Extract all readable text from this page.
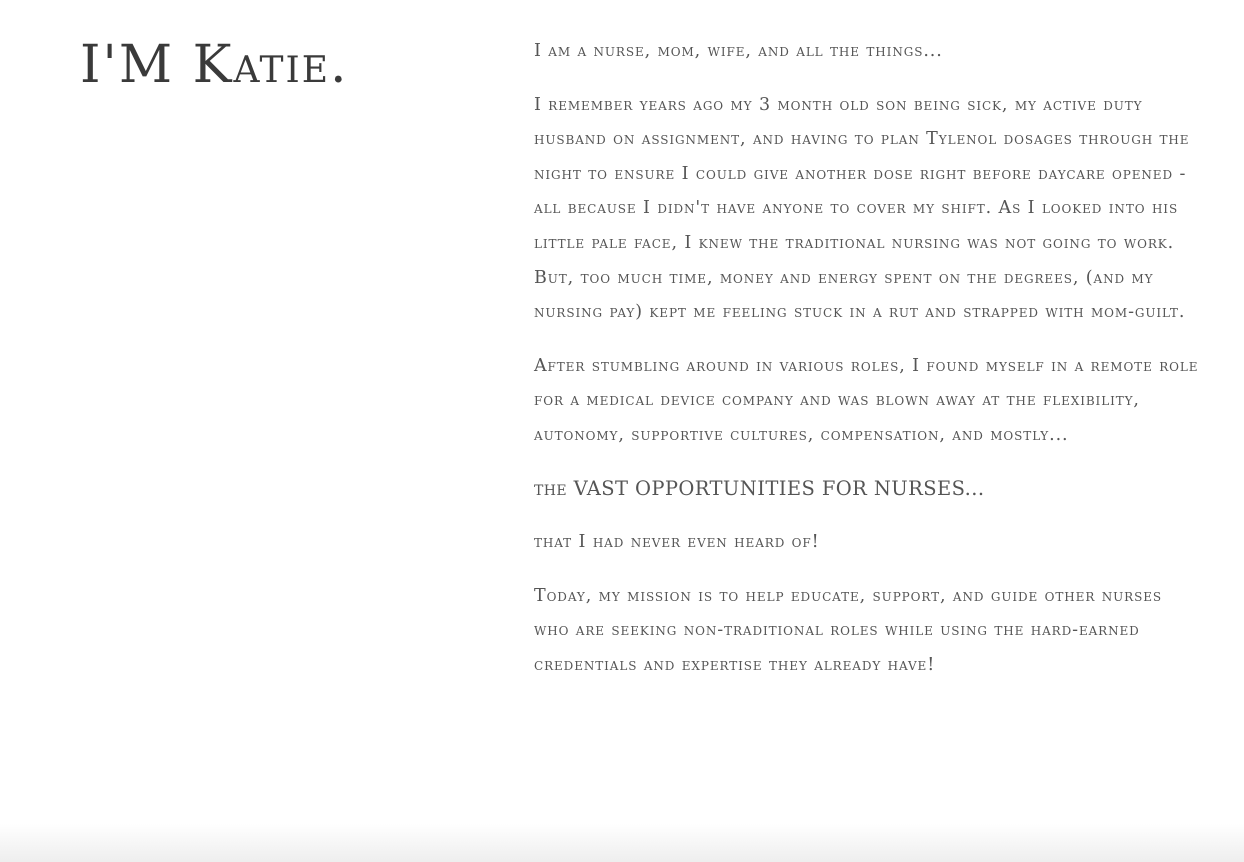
I'M Katie.	I am a nurse, mom, wife, and all the things...

I remember years ago my 3 month old son being sick, my active duty husband on assignment, and having to plan Tylenol dosages through the night to ensure I could give another dose right before daycare opened - all because I didn't have anyone to cover my shift. As I looked into his little pale face, I knew the traditional nursing was not going to work. But, too much time, money and energy spent on the degrees, (and my nursing pay) kept me feeling stuck in a rut and strapped with mom-guilt.

After stumbling around in various roles, I found myself in a remote role for a medical device company and was blown away at the flexibility, autonomy, supportive cultures, compensation, and mostly...

the VAST OPPORTUNITIES FOR NURSES...

that I had never even heard of!

Today, my mission is to help educate, support, and guide other nurses who are seeking non-traditional roles while using the hard-earned credentials and expertise they already have!
